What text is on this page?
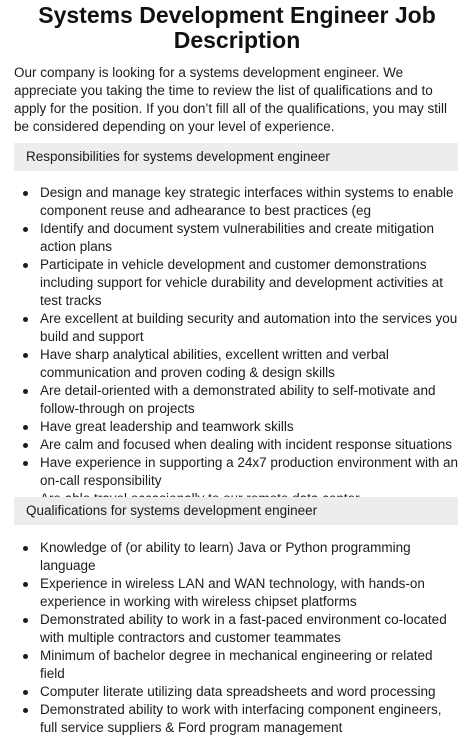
Systems Development Engineer Job Description

Our company is looking for a systems development engineer. We appreciate you taking the time to review the list of qualifications and to apply for the position. If you don’t fill all of the qualifications, you may still be considered depending on your level of experience.

Responsibilities for systems development engineer
Design and manage key strategic interfaces within systems to enable component reuse and adhearance to best practices (eg
Identify and document system vulnerabilities and create mitigation action plans
Participate in vehicle development and customer demonstrations including support for vehicle durability and development activities at test tracks
Are excellent at building security and automation into the services you build and support
Have sharp analytical abilities, excellent written and verbal communication and proven coding & design skills
Are detail-oriented with a demonstrated ability to self-motivate and follow-through on projects
Have great leadership and teamwork skills
Are calm and focused when dealing with incident response situations
Have experience in supporting a 24x7 production environment with an on-call responsibility
Qualifications for systems development engineer
Knowledge of (or ability to learn) Java or Python programming language
Experience in wireless LAN and WAN technology, with hands-on experience in working with wireless chipset platforms
Demonstrated ability to work in a fast-paced environment co-located with multiple contractors and customer teammates
Minimum of bachelor degree in mechanical engineering or related field
Computer literate utilizing data spreadsheets and word processing
Demonstrated ability to work with interfacing component engineers, full service suppliers & Ford program management
